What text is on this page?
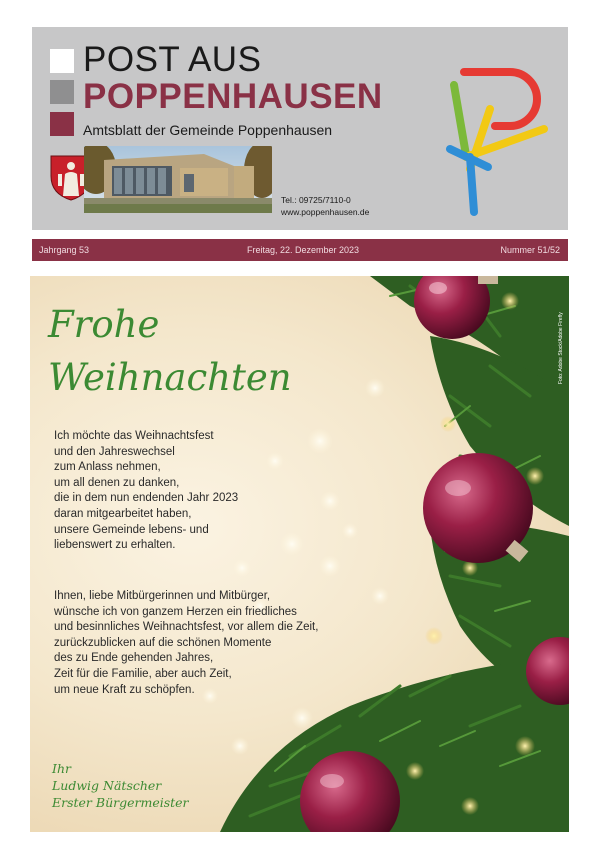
POST AUS
POPPENHAUSEN
Amtsblatt der Gemeinde Poppenhausen
Tel.: 09725/7110-0
www.poppenhausen.de
Jahrgang 53	Freitag, 22. Dezember 2023	Nummer 51/52
Foto: Adobe Stock/Adobe Firefly
Frohe
Weihnachten
Ich möchte das Weihnachtsfest
und den Jahreswechsel
zum Anlass nehmen,
um all denen zu danken,
die in dem nun endenden Jahr 2023
daran mitgearbeitet haben,
unsere Gemeinde lebens- und
liebenswert zu erhalten.
Ihnen, liebe Mitbürgerinnen und Mitbürger,
wünsche ich von ganzem Herzen ein friedliches
und besinnliches Weihnachtsfest, vor allem die Zeit,
zurückzublicken auf die schönen Momente
des zu Ende gehenden Jahres,
Zeit für die Familie, aber auch Zeit,
um neue Kraft zu schöpfen.
Ihr
Ludwig Nätscher
Erster Bürgermeister
